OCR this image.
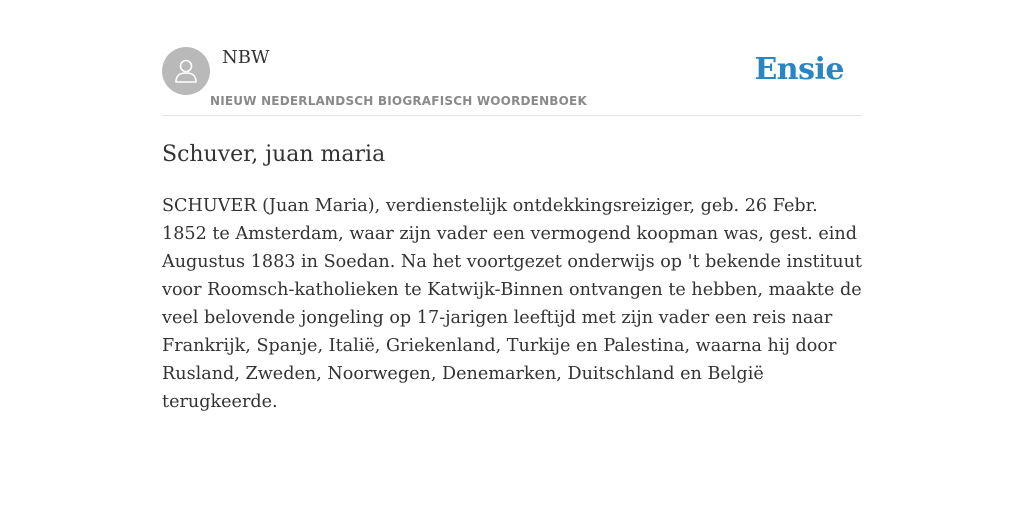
NBW
NIEUW NEDERLANDSCH BIOGRAFISCH WOORDENBOEK
Ensie
Schuver, juan maria

SCHUVER (Juan Maria), verdienstelijk ontdekkingsreiziger, geb. 26 Febr. 1852 te Amsterdam, waar zijn vader een vermogend koopman was, gest. eind Augustus 1883 in Soedan. Na het voortgezet onderwijs op 't bekende instituut voor Roomsch-katholieken te Katwijk-Binnen ontvangen te hebben, maakte de veel belovende jongeling op 17-jarigen leeftijd met zijn vader een reis naar Frankrijk, Spanje, Italië, Griekenland, Turkije en Palestina, waarna hij door Rusland, Zweden, Noorwegen, Denemarken, Duitschland en België terugkeerde.
